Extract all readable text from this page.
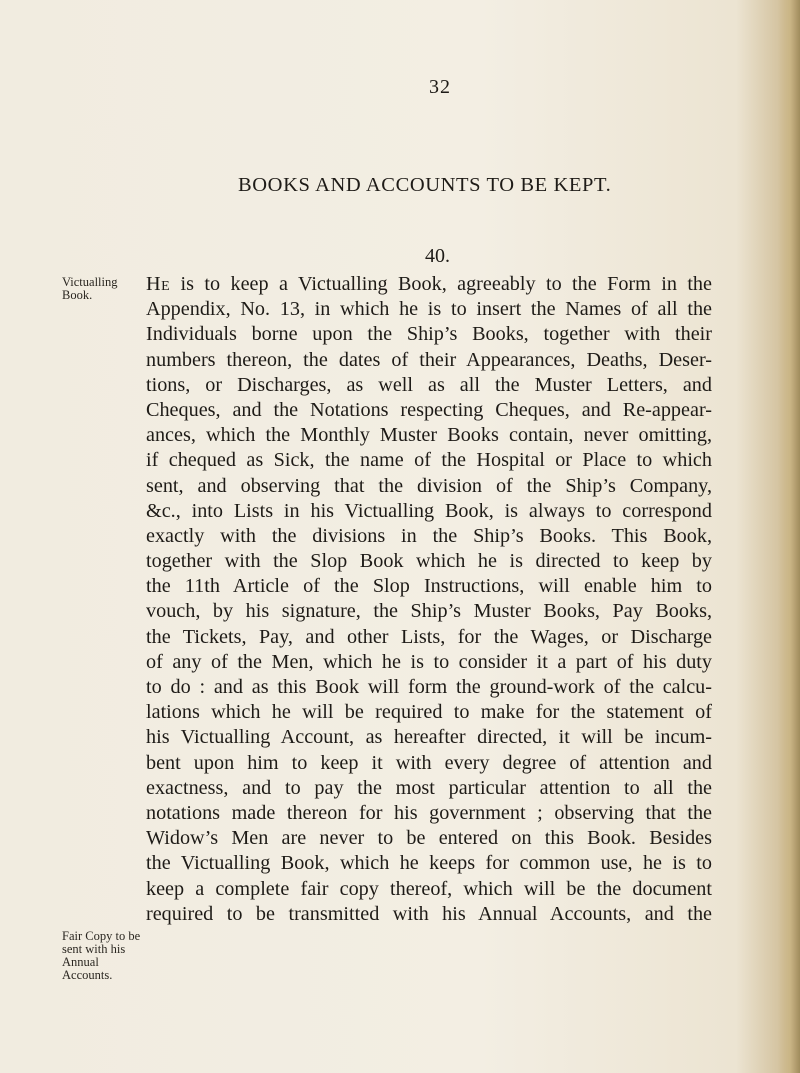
32
BOOKS AND ACCOUNTS TO BE KEPT.
40.
Victualling Book.
Fair Copy to be sent with his Annual Accounts.
He is to keep a Victualling Book, agreeably to the Form in the
Appendix, No. 13, in which he is to insert the Names of all the
Individuals borne upon the Ship’s Books, together with their
numbers thereon, the dates of their Appearances, Deaths, Deser-
tions, or Discharges, as well as all the Muster Letters, and
Cheques, and the Notations respecting Cheques, and Re-appear-
ances, which the Monthly Muster Books contain, never omitting,
if chequed as Sick, the name of the Hospital or Place to which
sent, and observing that the division of the Ship’s Company,
&c., into Lists in his Victualling Book, is always to correspond
exactly with the divisions in the Ship’s Books. This Book,
together with the Slop Book which he is directed to keep by
the 11th Article of the Slop Instructions, will enable him to
vouch, by his signature, the Ship’s Muster Books, Pay Books,
the Tickets, Pay, and other Lists, for the Wages, or Discharge
of any of the Men, which he is to consider it a part of his duty
to do : and as this Book will form the ground-work of the calcu-
lations which he will be required to make for the statement of
his Victualling Account, as hereafter directed, it will be incum-
bent upon him to keep it with every degree of attention and
exactness, and to pay the most particular attention to all the
notations made thereon for his government ; observing that the
Widow’s Men are never to be entered on this Book. Besides
the Victualling Book, which he keeps for common use, he is to
keep a complete fair copy thereof, which will be the document
required to be transmitted with his Annual Accounts, and the
